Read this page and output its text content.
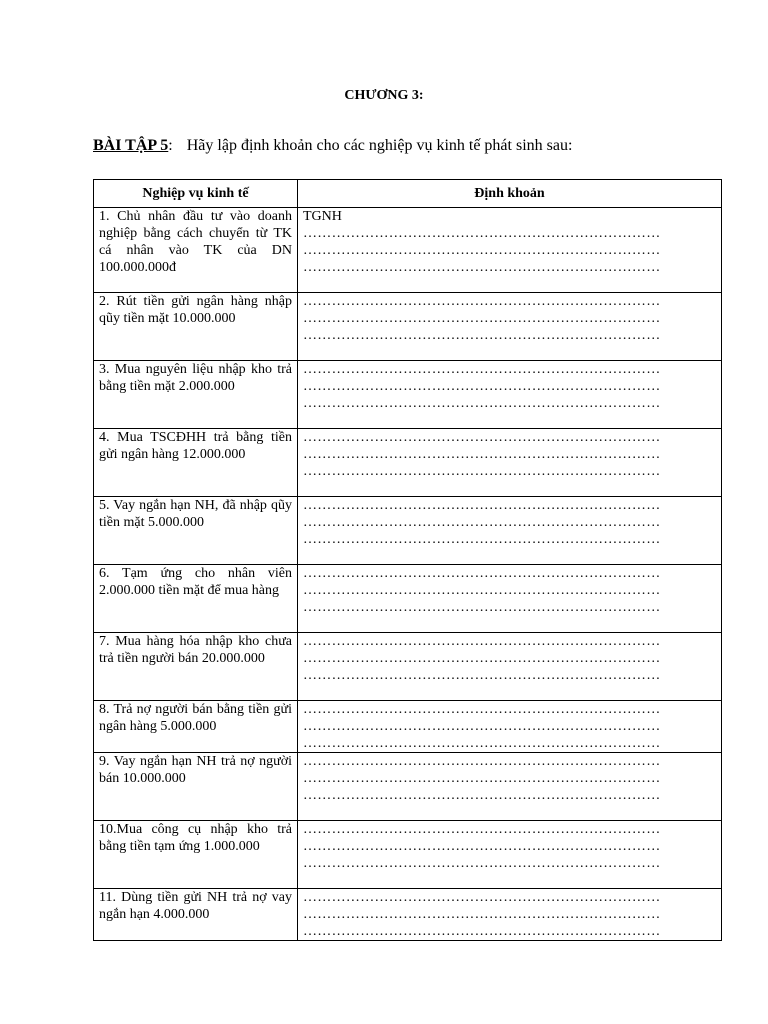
CHƯƠNG 3:
BÀI TẬP 5: Hãy lập định khoản cho các nghiệp vụ kinh tế phát sinh sau:
Nghiệp vụ kinh tế	Định khoản
1. Chủ nhân đầu tư vào doanh nghiệp bằng cách chuyển từ TK cá nhân vào TK của DN 100.000.000đ	TGNH
…………………………………………………………………
…………………………………………………………………
…………………………………………………………………

2. Rút tiền gửi ngân hàng nhập qũy tiền mặt 10.000.000	…………………………………………………………………
…………………………………………………………………
…………………………………………………………………

3. Mua nguyên liệu nhập kho trả bằng tiền mặt 2.000.000	…………………………………………………………………
…………………………………………………………………
…………………………………………………………………

4. Mua TSCĐHH trả bằng tiền gửi ngân hàng 12.000.000	…………………………………………………………………
…………………………………………………………………
…………………………………………………………………

5. Vay ngắn hạn NH, đã nhập qũy tiền mặt 5.000.000	…………………………………………………………………
…………………………………………………………………
…………………………………………………………………

6. Tạm ứng cho nhân viên 2.000.000 tiền mặt để mua hàng	…………………………………………………………………
…………………………………………………………………
…………………………………………………………………

7. Mua hàng hóa nhập kho chưa trả tiền người bán 20.000.000	…………………………………………………………………
…………………………………………………………………
…………………………………………………………………

8. Trả nợ người bán bằng tiền gửi ngân hàng 5.000.000	…………………………………………………………………
…………………………………………………………………
…………………………………………………………………

9. Vay ngắn hạn NH trả nợ người bán 10.000.000	…………………………………………………………………
…………………………………………………………………
…………………………………………………………………

10.Mua công cụ nhập kho trả bằng tiền tạm ứng 1.000.000	…………………………………………………………………
…………………………………………………………………
…………………………………………………………………

11. Dùng tiền gửi NH trả nợ vay ngắn hạn 4.000.000	…………………………………………………………………
…………………………………………………………………
…………………………………………………………………
